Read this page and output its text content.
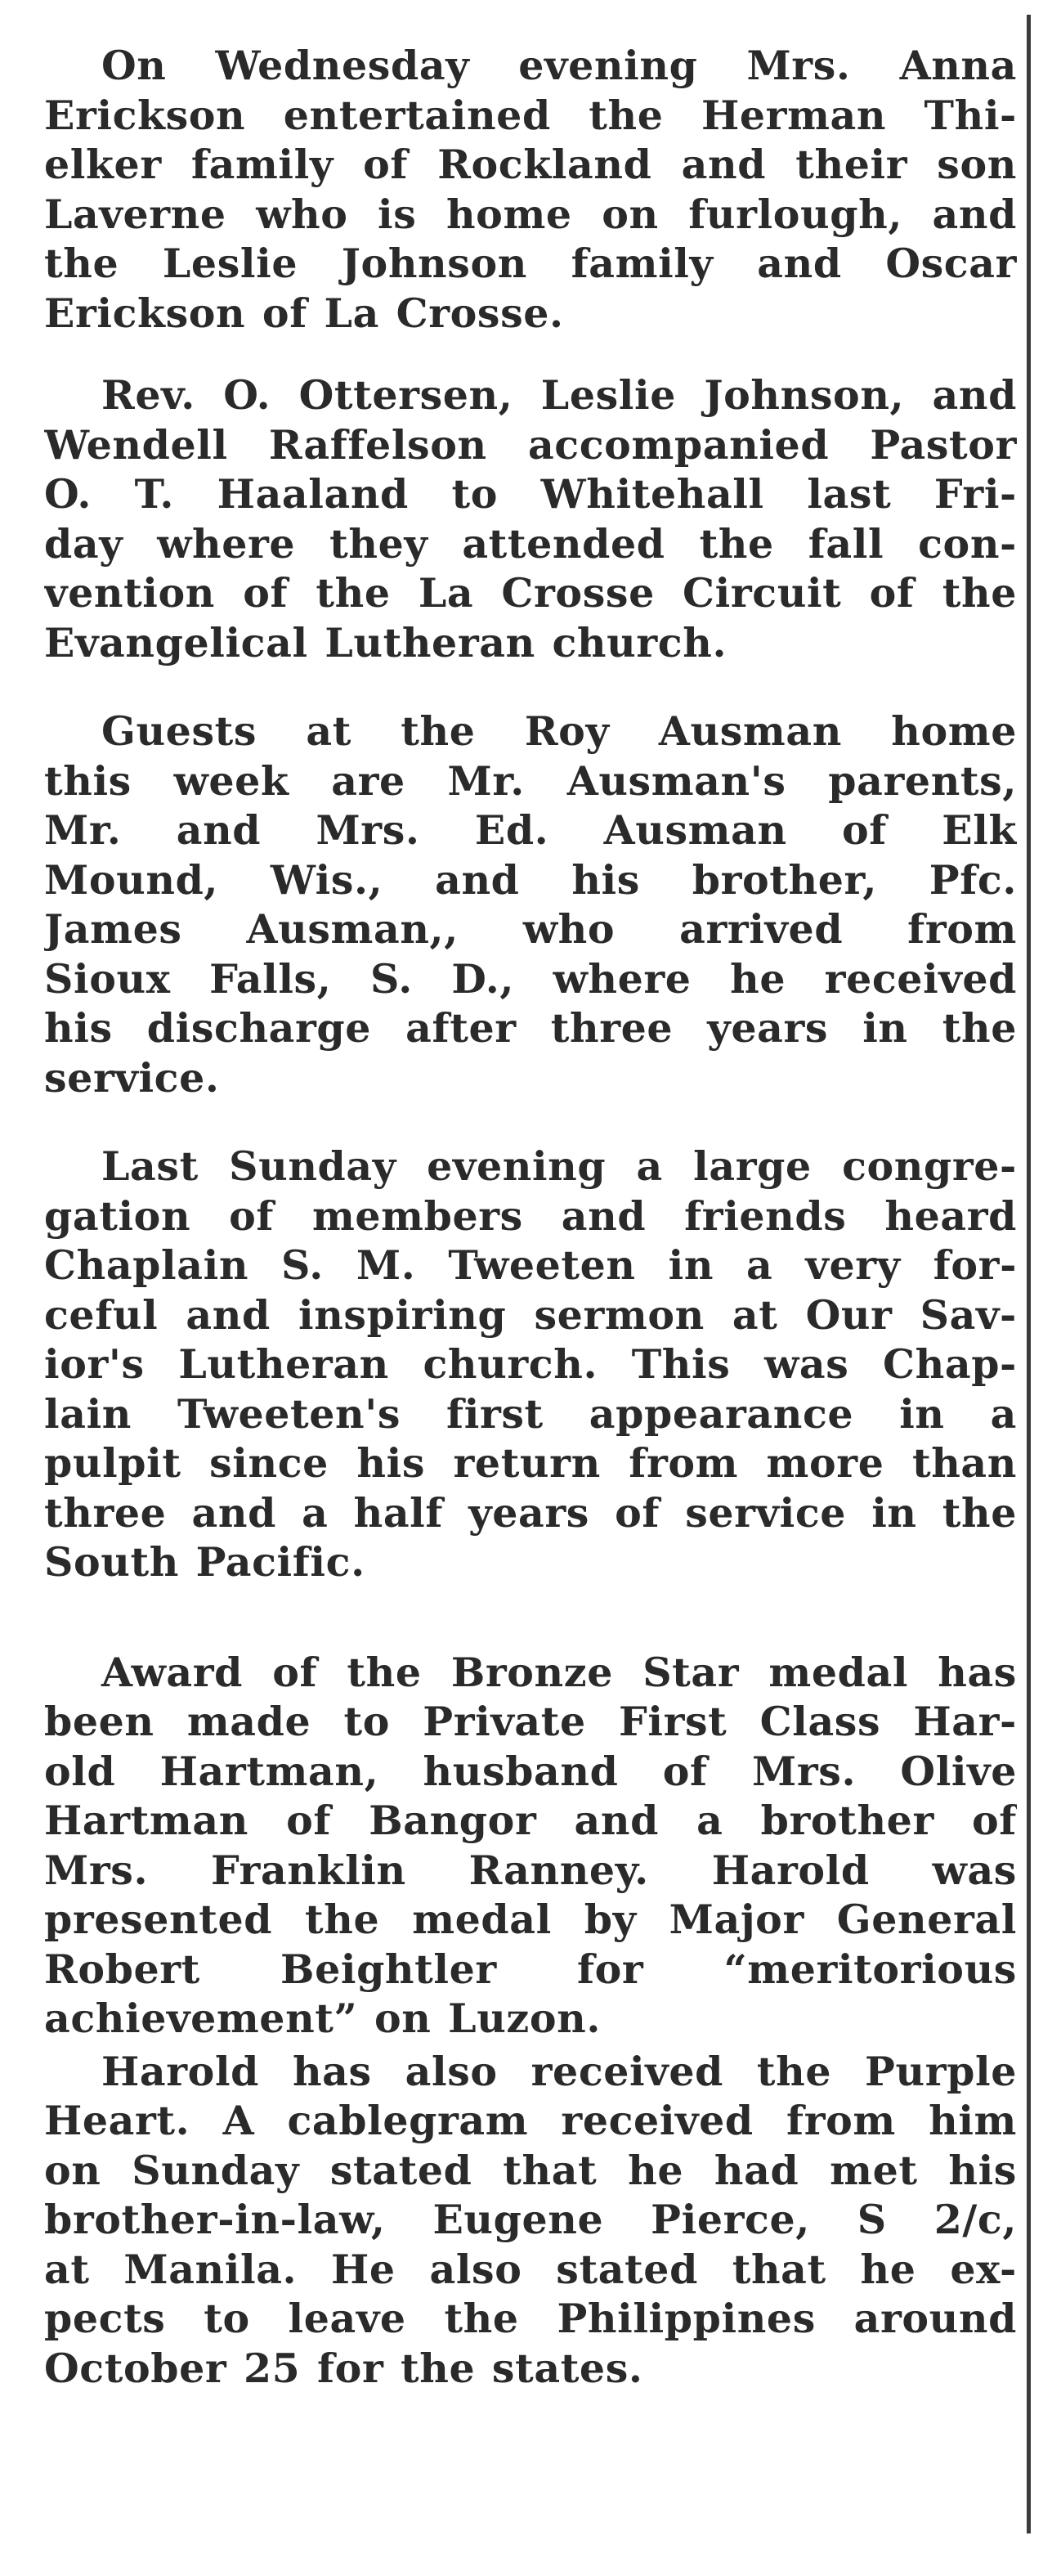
On Wednesday evening Mrs. Anna
Erickson entertained the Herman Thi-
elker family of Rockland and their son
Laverne who is home on furlough, and
the Leslie Johnson family and Oscar
Erickson of La Crosse.
Rev. O. Ottersen, Leslie Johnson, and
Wendell Raffelson accompanied Pastor
O. T. Haaland to Whitehall last Fri-
day where they attended the fall con-
vention of the La Crosse Circuit of the
Evangelical Lutheran church.
Guests at the Roy Ausman home
this week are Mr. Ausman's parents,
Mr. and Mrs. Ed. Ausman of Elk
Mound, Wis., and his brother, Pfc.
James Ausman,, who arrived from
Sioux Falls, S. D., where he received
his discharge after three years in the
service.
Last Sunday evening a large congre-
gation of members and friends heard
Chaplain S. M. Tweeten in a very for-
ceful and inspiring sermon at Our Sav-
ior's Lutheran church. This was Chap-
lain Tweeten's first appearance in a
pulpit since his return from more than
three and a half years of service in the
South Pacific.
Award of the Bronze Star medal has
been made to Private First Class Har-
old Hartman, husband of Mrs. Olive
Hartman of Bangor and a brother of
Mrs. Franklin Ranney. Harold was
presented the medal by Major General
Robert Beightler for “meritorious
achievement” on Luzon.
Harold has also received the Purple
Heart. A cablegram received from him
on Sunday stated that he had met his
brother-in-law, Eugene Pierce, S 2/c,
at Manila. He also stated that he ex-
pects to leave the Philippines around
October 25 for the states.
